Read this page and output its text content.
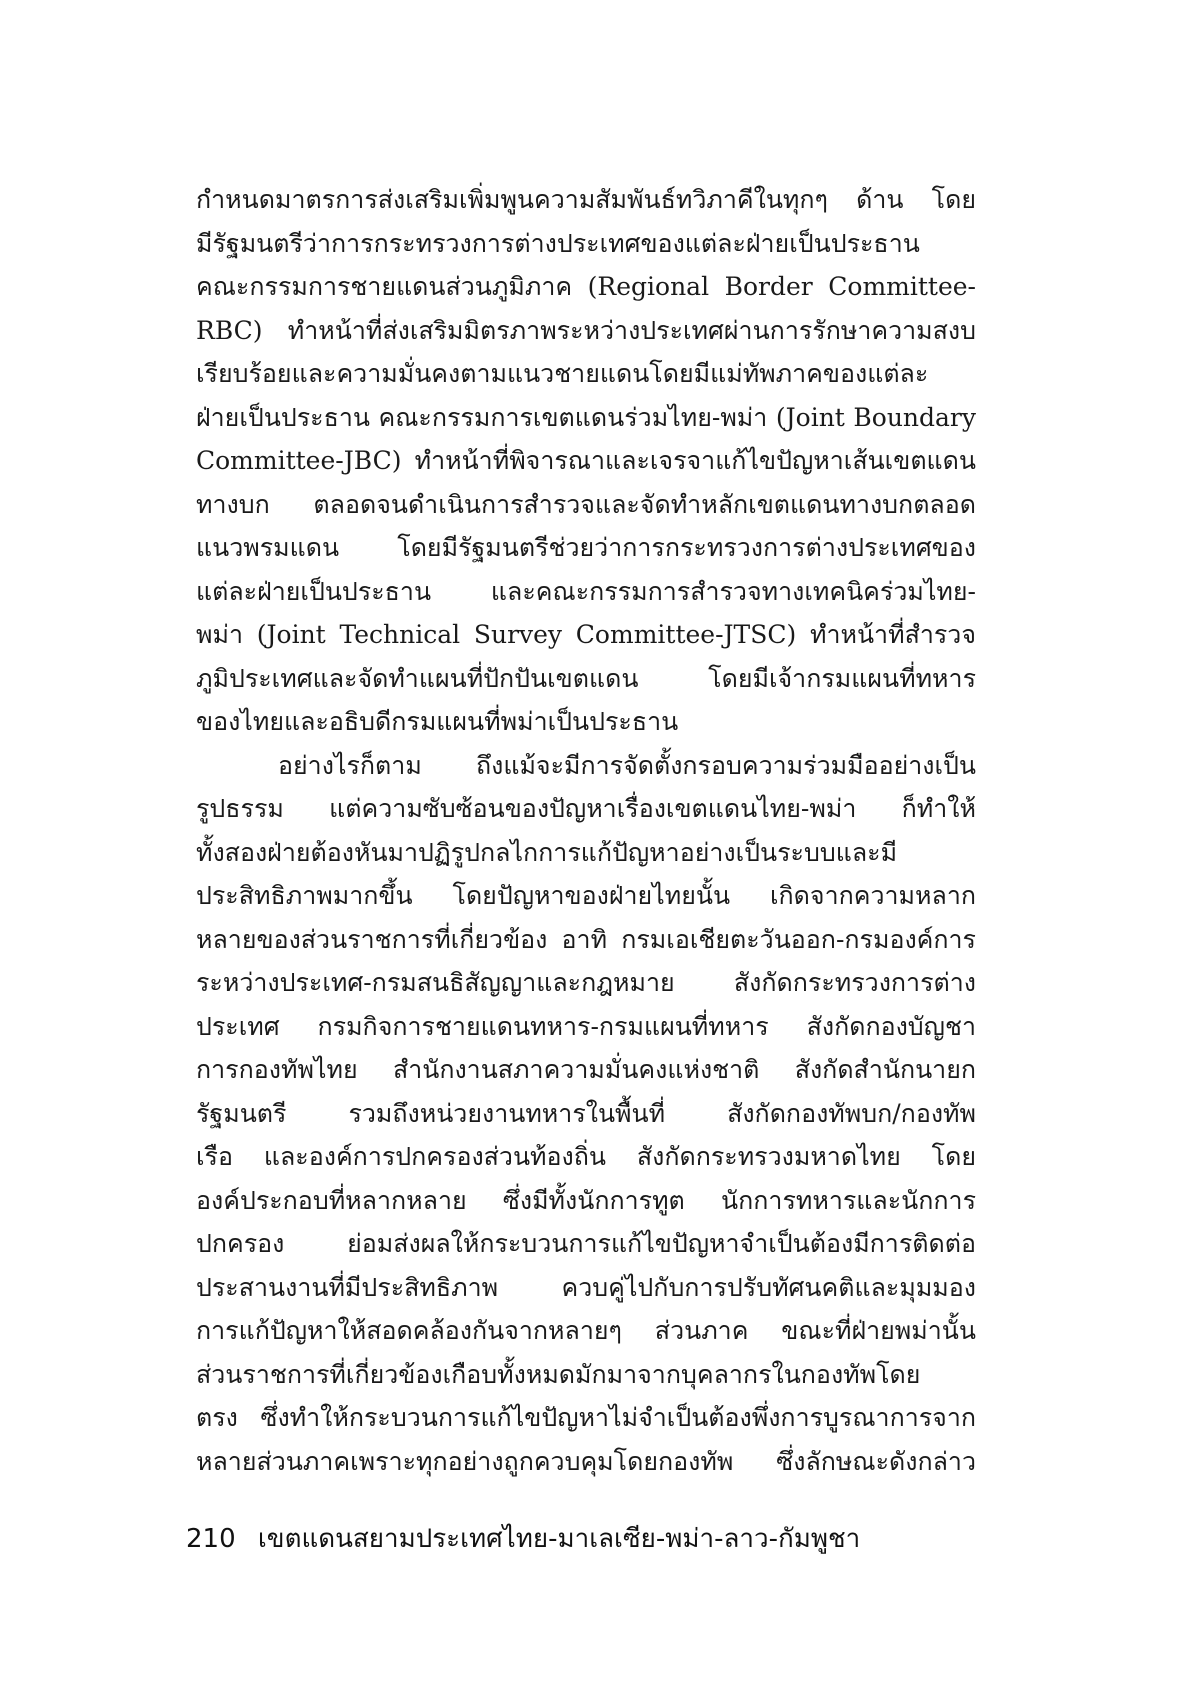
กำหนดมาตรการส่งเสริมเพิ่มพูนความสัมพันธ์ทวิภาคีในทุกๆ ด้าน โดย
มีรัฐมนตรีว่าการกระทรวงการต่างประเทศของแต่ละฝ่ายเป็นประธาน
คณะกรรมการชายแดนส่วนภูมิภาค (Regional Border Committee-
RBC) ทำหน้าที่ส่งเสริมมิตรภาพระหว่างประเทศผ่านการรักษาความสงบ
เรียบร้อยและความมั่นคงตามแนวชายแดนโดยมีแม่ทัพภาคของแต่ละ
ฝ่ายเป็นประธาน คณะกรรมการเขตแดนร่วมไทย-พม่า (Joint Boundary
Committee-JBC) ทำหน้าที่พิจารณาและเจรจาแก้ไขปัญหาเส้นเขตแดน
ทางบก ตลอดจนดำเนินการสำรวจและจัดทำหลักเขตแดนทางบกตลอด
แนวพรมแดน โดยมีรัฐมนตรีช่วยว่าการกระทรวงการต่างประเทศของ
แต่ละฝ่ายเป็นประธาน และคณะกรรมการสำรวจทางเทคนิคร่วมไทย-
พม่า (Joint Technical Survey Committee-JTSC) ทำหน้าที่สำรวจ
ภูมิประเทศและจัดทำแผนที่ปักปันเขตแดน โดยมีเจ้ากรมแผนที่ทหาร
ของไทยและอธิบดีกรมแผนที่พม่าเป็นประธาน
อย่างไรก็ตาม ถึงแม้จะมีการจัดตั้งกรอบความร่วมมืออย่างเป็น
รูปธรรม แต่ความซับซ้อนของปัญหาเรื่องเขตแดนไทย-พม่า ก็ทำให้
ทั้งสองฝ่ายต้องหันมาปฏิรูปกลไกการแก้ปัญหาอย่างเป็นระบบและมี
ประสิทธิภาพมากขึ้น โดยปัญหาของฝ่ายไทยนั้น เกิดจากความหลาก
หลายของส่วนราชการที่เกี่ยวข้อง อาทิ กรมเอเชียตะวันออก-กรมองค์การ
ระหว่างประเทศ-กรมสนธิสัญญาและกฎหมาย สังกัดกระทรวงการต่าง
ประเทศ กรมกิจการชายแดนทหาร-กรมแผนที่ทหาร สังกัดกองบัญชา
การกองทัพไทย สำนักงานสภาความมั่นคงแห่งชาติ สังกัดสำนักนายก
รัฐมนตรี รวมถึงหน่วยงานทหารในพื้นที่ สังกัดกองทัพบก/กองทัพ
เรือ และองค์การปกครองส่วนท้องถิ่น สังกัดกระทรวงมหาดไทย โดย
องค์ประกอบที่หลากหลาย ซึ่งมีทั้งนักการทูต นักการทหารและนักการ
ปกครอง ย่อมส่งผลให้กระบวนการแก้ไขปัญหาจำเป็นต้องมีการติดต่อ
ประสานงานที่มีประสิทธิภาพ ควบคู่ไปกับการปรับทัศนคติและมุมมอง
การแก้ปัญหาให้สอดคล้องกันจากหลายๆ ส่วนภาค ขณะที่ฝ่ายพม่านั้น
ส่วนราชการที่เกี่ยวข้องเกือบทั้งหมดมักมาจากบุคลากรในกองทัพโดย
ตรง ซึ่งทำให้กระบวนการแก้ไขปัญหาไม่จำเป็นต้องพึ่งการบูรณาการจาก
หลายส่วนภาคเพราะทุกอย่างถูกควบคุมโดยกองทัพ ซึ่งลักษณะดังกล่าว
210 เขตแดนสยามประเทศไทย-มาเลเซีย-พม่า-ลาว-กัมพูชา
